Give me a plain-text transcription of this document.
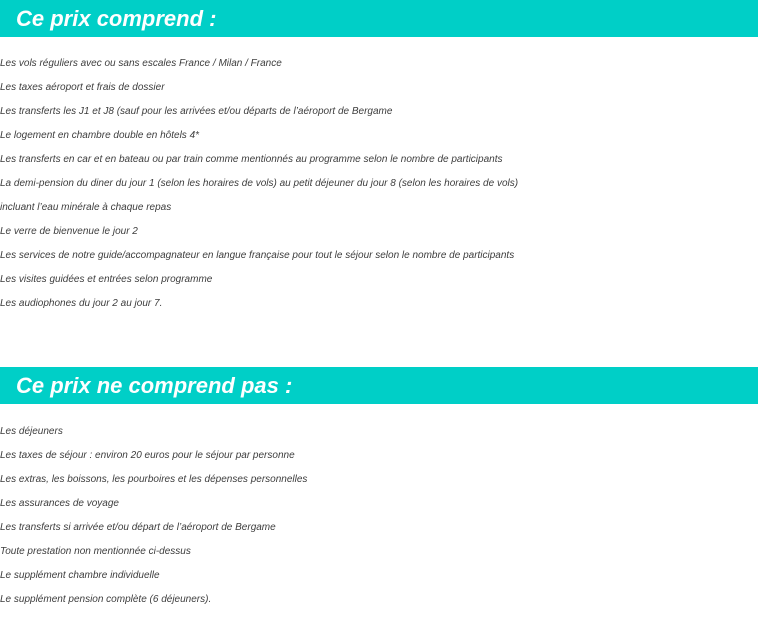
Ce prix comprend :
Les vols réguliers avec ou sans escales France / Milan / France
Les taxes aéroport et frais de dossier
Les transferts les J1 et J8 (sauf pour les arrivées et/ou départs de l’aéroport de Bergame
Le logement en chambre double en hôtels 4*
Les transferts en car et en bateau ou par train comme mentionnés au programme selon le nombre de participants
La demi-pension du diner du jour 1 (selon les horaires de vols) au petit déjeuner du jour 8 (selon les horaires de vols)
incluant l’eau minérale à chaque repas
Le verre de bienvenue le jour 2
Les services de notre guide/accompagnateur en langue française pour tout le séjour selon le nombre de participants
Les visites guidées et entrées selon programme
Les audiophones du jour 2 au jour 7.
Ce prix ne comprend pas :
Les déjeuners
Les taxes de séjour : environ 20 euros pour le séjour par personne
Les extras, les boissons, les pourboires et les dépenses personnelles
Les assurances de voyage
Les transferts si arrivée et/ou départ de l’aéroport de Bergame
Toute prestation non mentionnée ci-dessus
Le supplément chambre individuelle
Le supplément pension complète (6 déjeuners).
